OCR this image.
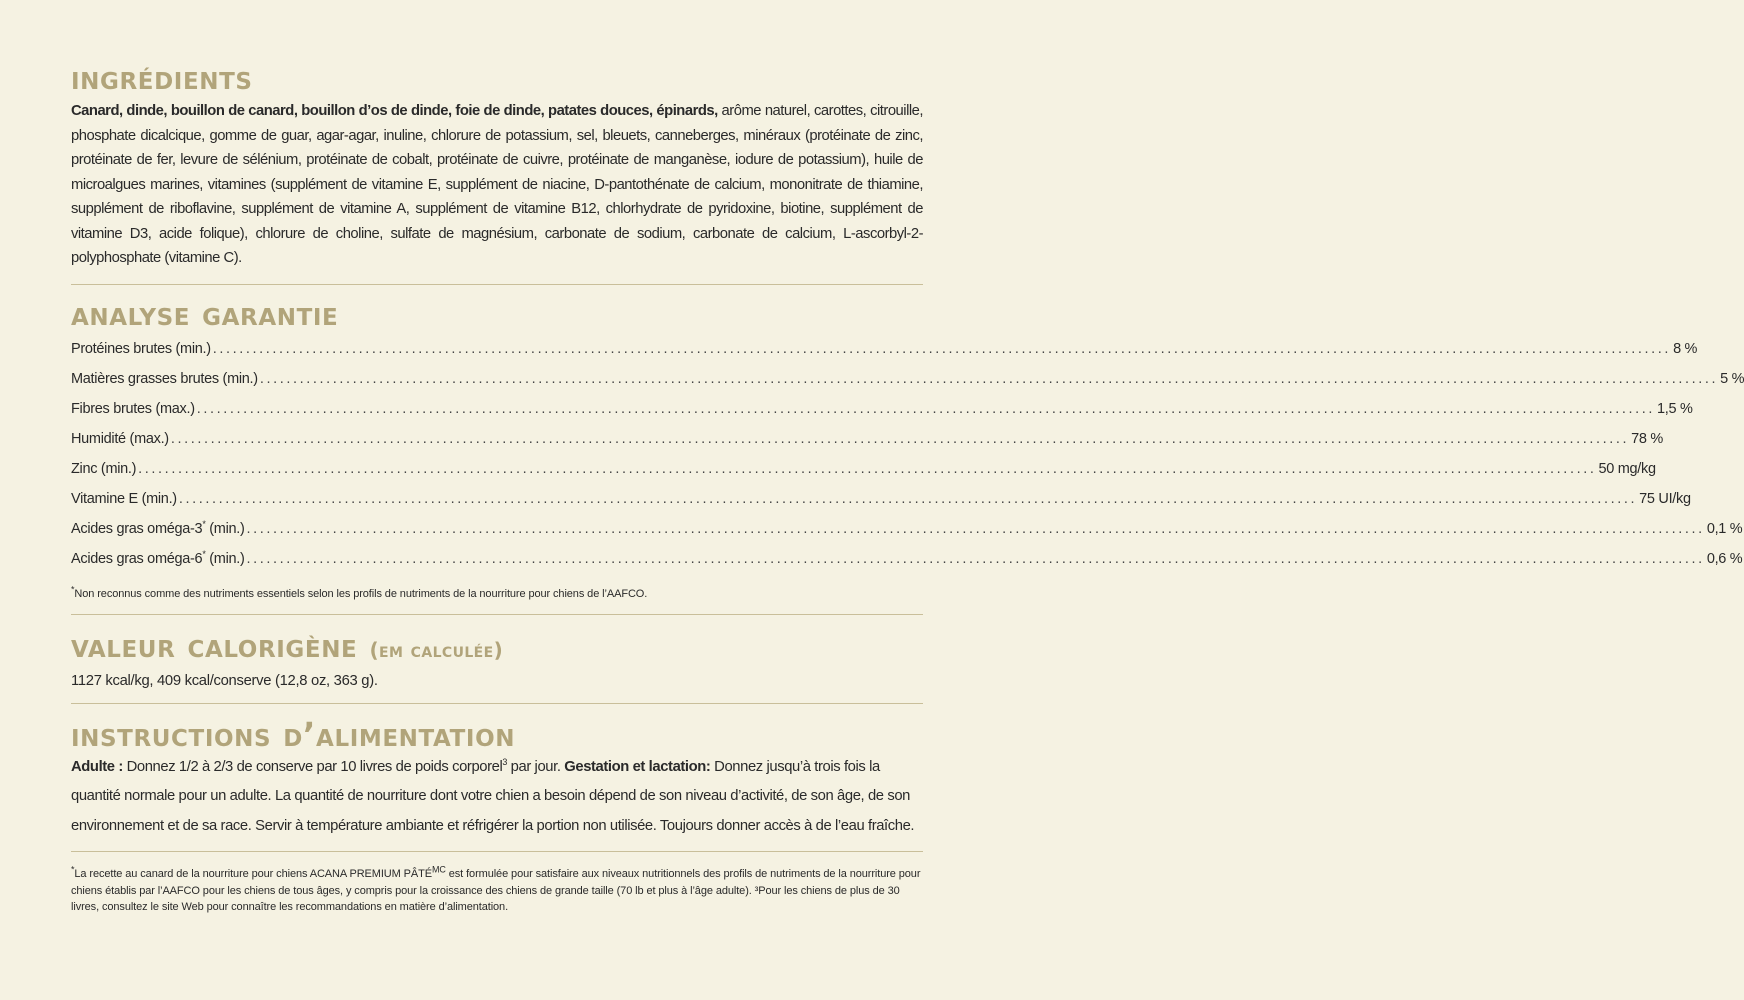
ingrédients

Canard, dinde, bouillon de canard, bouillon d’os de dinde, foie de dinde, patates douces, épinards, arôme naturel, carottes, citrouille, phosphate dicalcique, gomme de guar, agar-agar, inuline, chlorure de potassium, sel, bleuets, canneberges, minéraux (protéinate de zinc, protéinate de fer, levure de sélénium, protéinate de cobalt, protéinate de cuivre, protéinate de manganèse, iodure de potassium), huile de microalgues marines, vitamines (supplément de vitamine E, supplément de niacine, D-pantothénate de calcium, mononitrate de thiamine, supplément de riboflavine, supplément de vitamine A, supplément de vitamine B12, chlorhydrate de pyridoxine, biotine, supplément de vitamine D3, acide folique), chlorure de choline, sulfate de magnésium, carbonate de sodium, carbonate de calcium, L-ascorbyl-2-polyphosphate (vitamine C).

analyse garantie
Protéines brutes (min.) ............................................................................................................................................................................................................................ 8 %
Matières grasses brutes (min.) ............................................................................................................................................................................................................................ 5 %
Fibres brutes (max.) ............................................................................................................................................................................................................................ 1,5 %
Humidité (max.) ............................................................................................................................................................................................................................ 78 %
Zinc (min.) ............................................................................................................................................................................................................................ 50 mg/kg
Vitamine E (min.) ............................................................................................................................................................................................................................ 75 UI/kg
Acides gras oméga-3* (min.) ............................................................................................................................................................................................................................ 0,1 %
Acides gras oméga-6* (min.) ............................................................................................................................................................................................................................ 0,6 %
*Non reconnus comme des nutriments essentiels selon les profils de nutriments de la nourriture pour chiens de l’AAFCO.
valeur calorigène (em calculée)
1127 kcal/kg, 409 kcal/conserve (12,8 oz, 363 g).
instructions d’alimentation

Adulte : Donnez 1/2 à 2/3 de conserve par 10 livres de poids corporel$^3$ par jour. Gestation et lactation: Donnez jusqu’à trois fois la quantité normale pour un adulte. La quantité de nourriture dont votre chien a besoin dépend de son niveau d’activité, de son âge, de son environnement et de sa race. Servir à température ambiante et réfrigérer la portion non utilisée. Toujours donner accès à de l’eau fraîche.

*La recette au canard de la nourriture pour chiens ACANA PREMIUM $PÂTÉ^{MC}$ est formulée pour satisfaire aux niveaux nutritionnels des profils de nutriments de la nourriture pour chiens établis par l’AAFCO pour les chiens de tous âges, y compris pour la croissance des chiens de grande taille (70 lb et plus à l’âge adulte). ³Pour les chiens de plus de 30 livres, consultez le site Web pour connaître les recommandations en matière d’alimentation.
